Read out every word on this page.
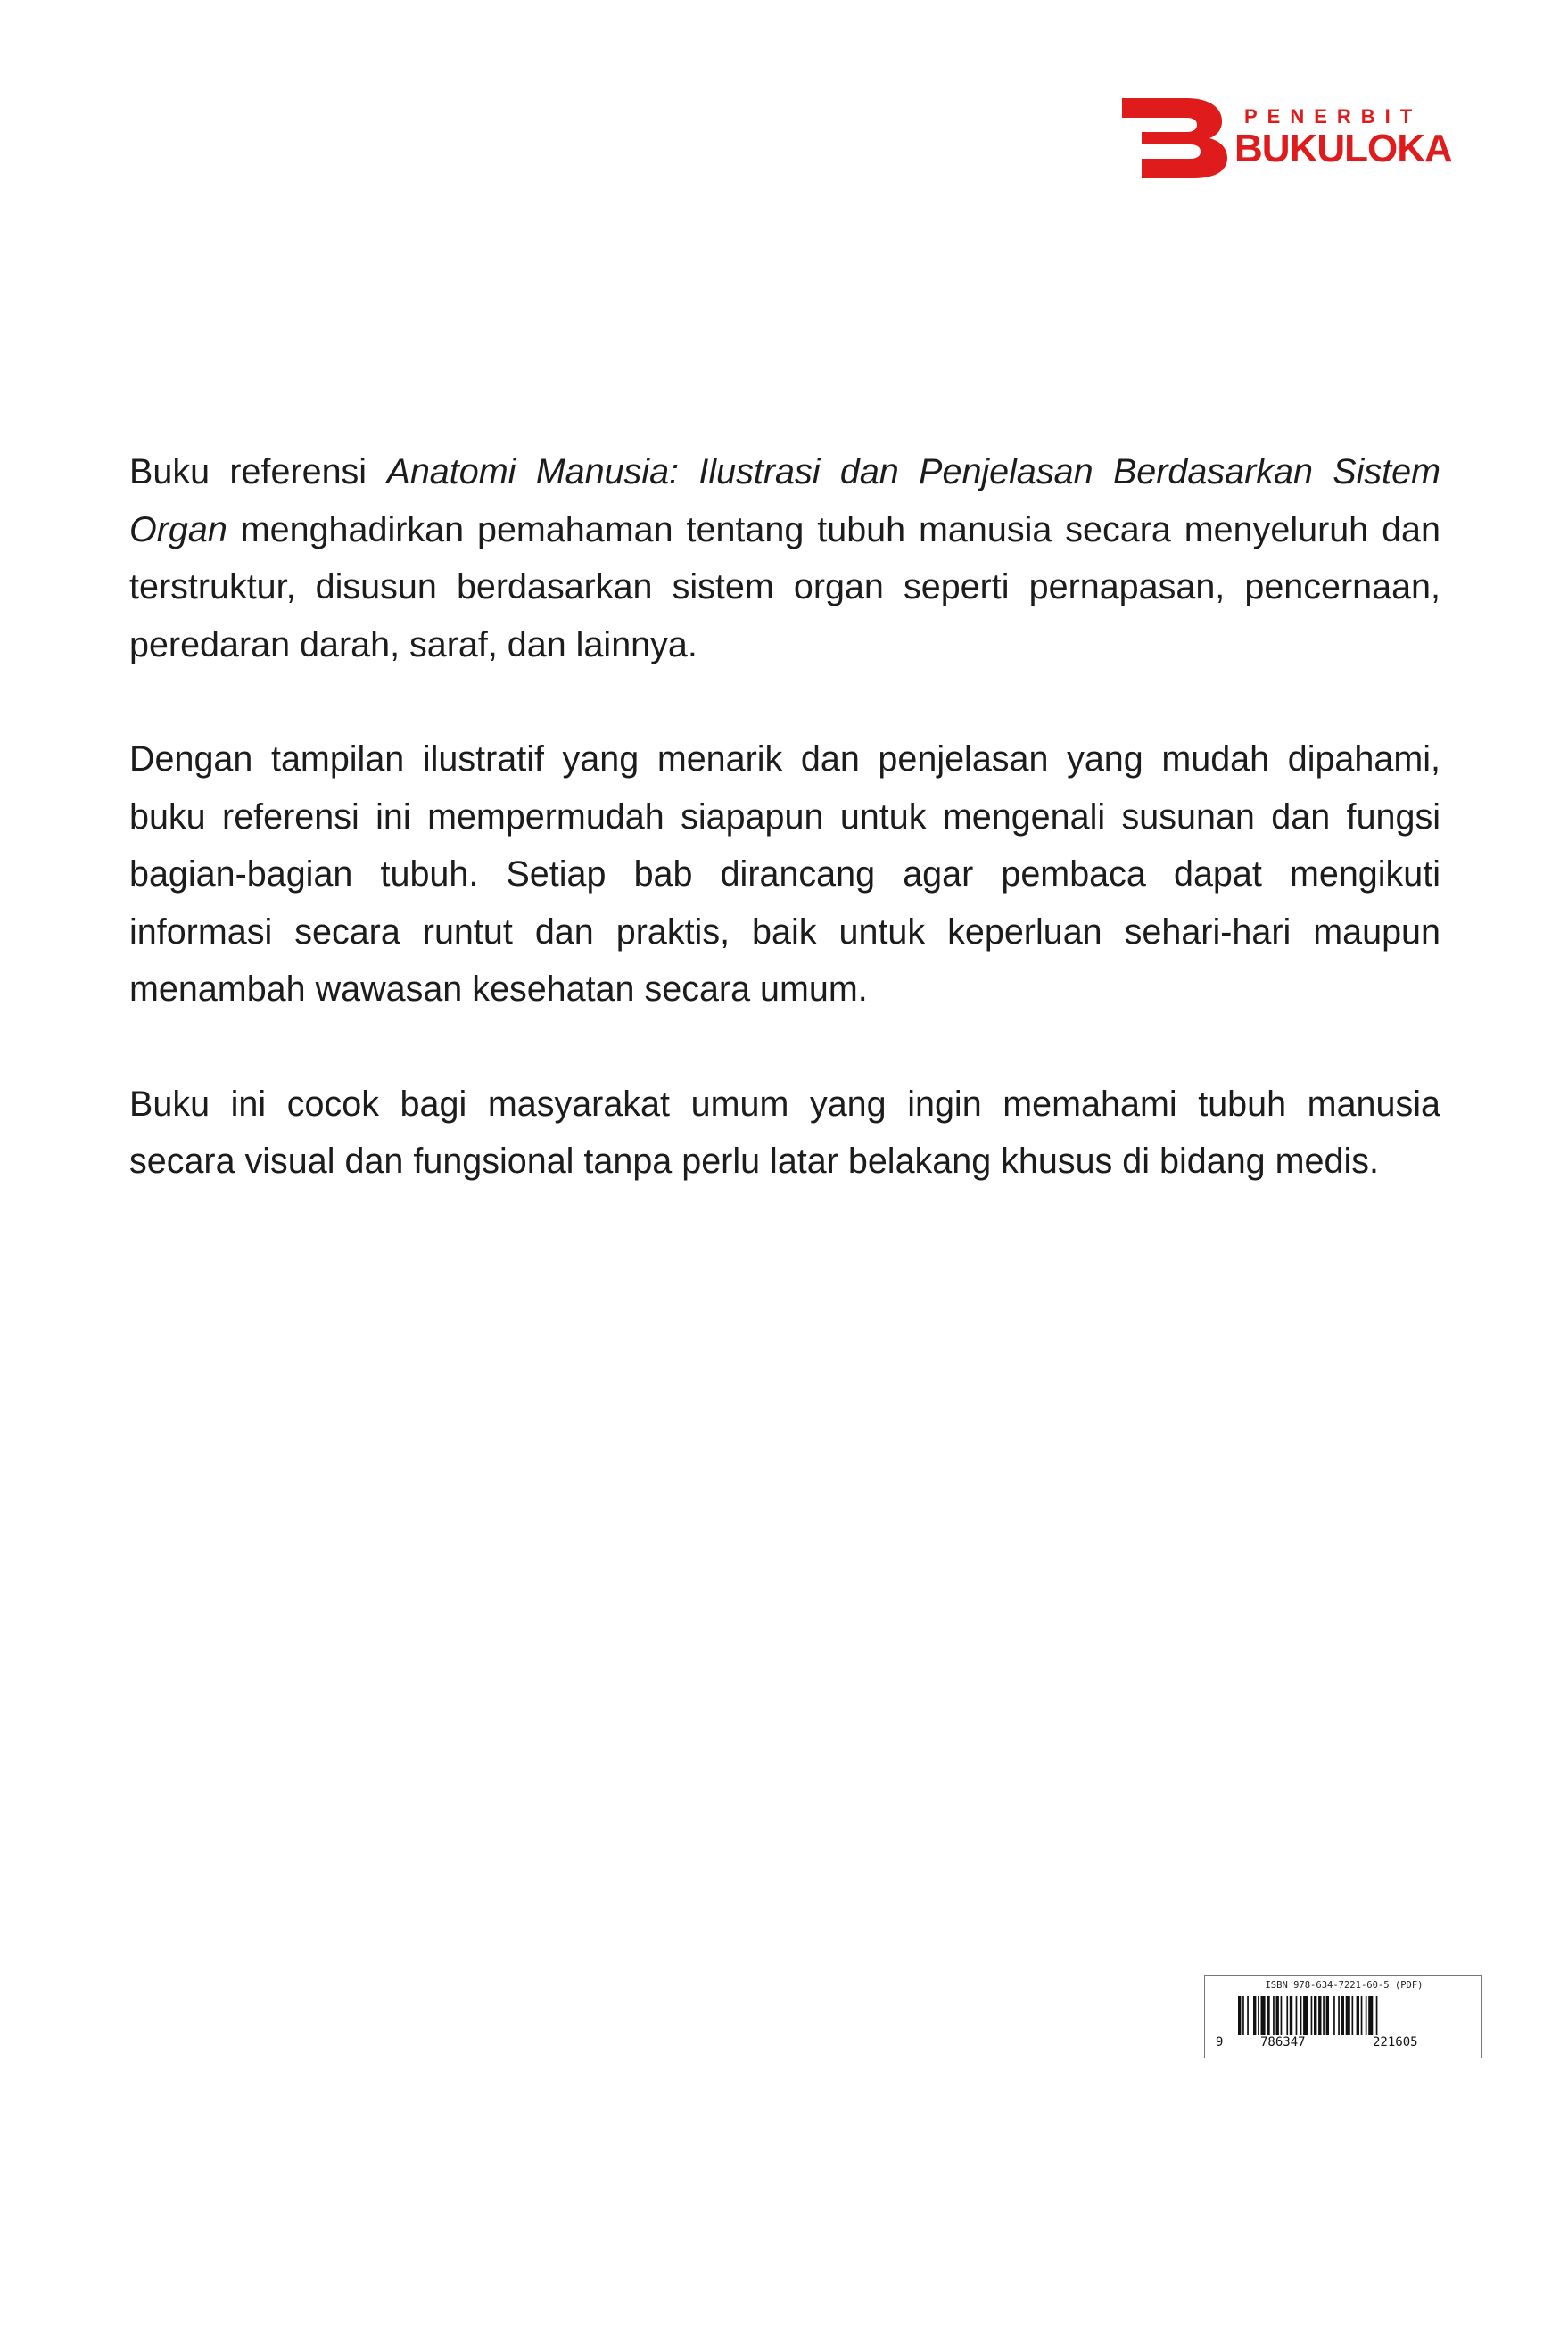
PENERBIT
BUKULOKA

Buku referensi Anatomi Manusia: Ilustrasi dan Penjelasan Berdasarkan Sistem Organ menghadirkan pemahaman tentang tubuh manusia secara menyeluruh dan terstruktur, disusun berdasarkan sistem organ seperti pernapasan, pencernaan, peredaran darah, saraf, dan lainnya.

Dengan tampilan ilustratif yang menarik dan penjelasan yang mudah dipahami, buku referensi ini mempermudah siapapun untuk mengenali susunan dan fungsi bagian-bagian tubuh. Setiap bab dirancang agar pembaca dapat mengikuti informasi secara runtut dan praktis, baik untuk keperluan sehari-hari maupun menambah wawasan kesehatan secara umum.

Buku ini cocok bagi masyarakat umum yang ingin memahami tubuh manusia secara visual dan fungsional tanpa perlu latar belakang khusus di bidang medis.

ISBN 978-634-7221-60-5 (PDF)
9	786347	221605
